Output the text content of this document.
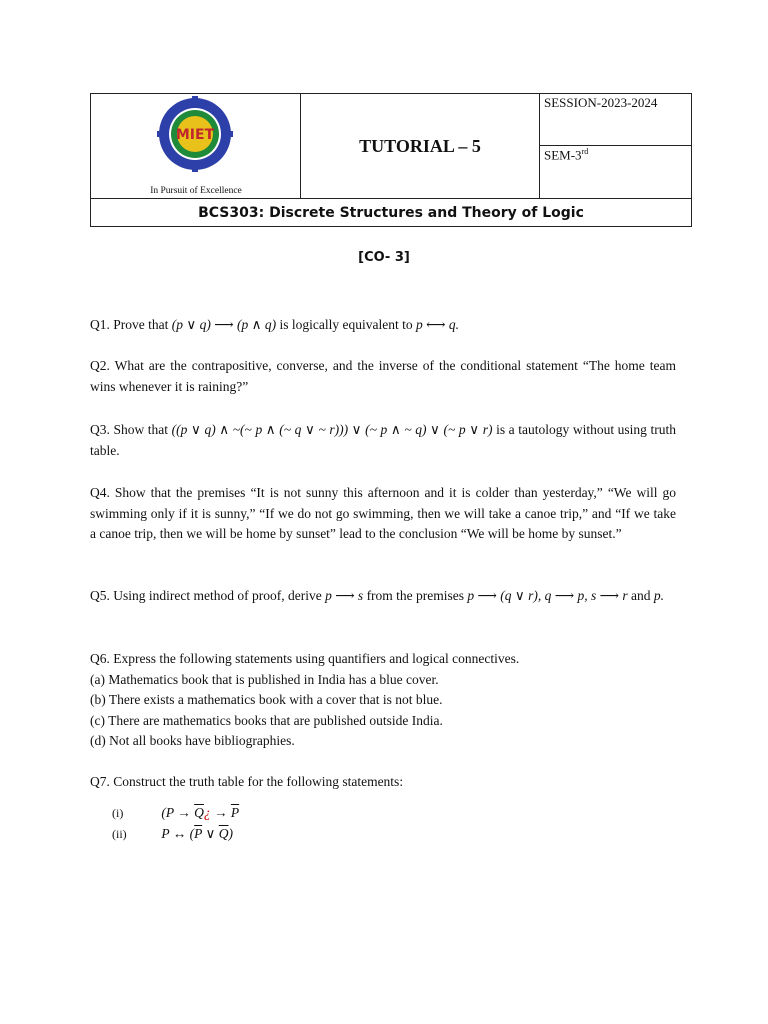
MIET
In Pursuit of Excellence
TUTORIAL – 5
SESSION-2023-2024
SEM-3rd
BCS303: Discrete Structures and Theory of Logic
[CO- 3]
Q1. Prove that (p ∨ q) ⟶ (p ∧ q) is logically equivalent to p ⟷ q.
Q2. What are the contrapositive, converse, and the inverse of the conditional statement “The home team wins whenever it is raining?”
Q3. Show that ((p ∨ q) ∧ ~(~ p ∧ (~ q ∨ ~ r))) ∨ (~ p ∧ ~ q) ∨ (~ p ∨ r) is a tautology without using truth table.
Q4. Show that the premises “It is not sunny this afternoon and it is colder than yesterday,” “We will go swimming only if it is sunny,” “If we do not go swimming, then we will take a canoe trip,” and “If we take a canoe trip, then we will be home by sunset” lead to the conclusion “We will be home by sunset.”
Q5. Using indirect method of proof, derive p ⟶ s from the premises p ⟶ (q ∨ r), q ⟶ p, s ⟶ r and p.
Q6. Express the following statements using quantifiers and logical connectives.
(a) Mathematics book that is published in India has a blue cover.
(b) There exists a mathematics book with a cover that is not blue.
(c) There are mathematics books that are published outside India.
(d) Not all books have bibliographies.
Q7. Construct the truth table for the following statements:
(i)	($P \to \overline{Q}¿ \to \overline{P}$
(ii)	P ↔ ($\overline{P}$ ∨ $\overline{Q}$)
